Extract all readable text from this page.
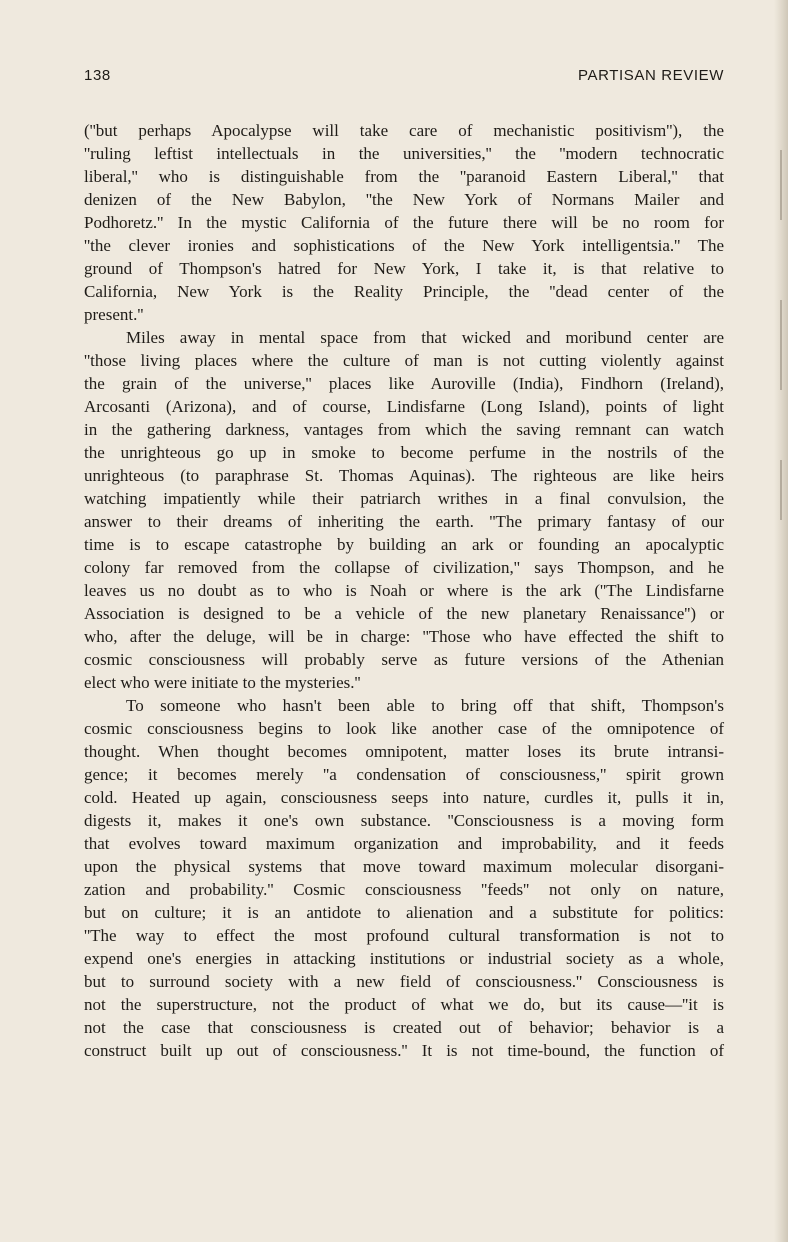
138	PARTISAN REVIEW
(''but perhaps Apocalypse will take care of mechanistic positivism''), the
''ruling leftist intellectuals in the universities,'' the ''modern technocratic
liberal,'' who is distinguishable from the ''paranoid Eastern Liberal,'' that
denizen of the New Babylon, ''the New York of Normans Mailer and
Podhoretz.'' In the mystic California of the future there will be no room for
''the clever ironies and sophistications of the New York intelligentsia.'' The
ground of Thompson's hatred for New York, I take it, is that relative to
California, New York is the Reality Principle, the ''dead center of the
present.''
Miles away in mental space from that wicked and moribund center are
''those living places where the culture of man is not cutting violently against
the grain of the universe,'' places like Auroville (India), Findhorn (Ireland),
Arcosanti (Arizona), and of course, Lindisfarne (Long Island), points of light
in the gathering darkness, vantages from which the saving remnant can watch
the unrighteous go up in smoke to become perfume in the nostrils of the
unrighteous (to paraphrase St. Thomas Aquinas). The righteous are like heirs
watching impatiently while their patriarch writhes in a final convulsion, the
answer to their dreams of inheriting the earth. ''The primary fantasy of our
time is to escape catastrophe by building an ark or founding an apocalyptic
colony far removed from the collapse of civilization,'' says Thompson, and he
leaves us no doubt as to who is Noah or where is the ark (''The Lindisfarne
Association is designed to be a vehicle of the new planetary Renaissance'') or
who, after the deluge, will be in charge: ''Those who have effected the shift to
cosmic consciousness will probably serve as future versions of the Athenian
elect who were initiate to the mysteries.''
To someone who hasn't been able to bring off that shift, Thompson's
cosmic consciousness begins to look like another case of the omnipotence of
thought. When thought becomes omnipotent, matter loses its brute intransi-
gence; it becomes merely ''a condensation of consciousness,'' spirit grown
cold. Heated up again, consciousness seeps into nature, curdles it, pulls it in,
digests it, makes it one's own substance. ''Consciousness is a moving form
that evolves toward maximum organization and improbability, and it feeds
upon the physical systems that move toward maximum molecular disorgani-
zation and probability.'' Cosmic consciousness ''feeds'' not only on nature,
but on culture; it is an antidote to alienation and a substitute for politics:
''The way to effect the most profound cultural transformation is not to
expend one's energies in attacking institutions or industrial society as a whole,
but to surround society with a new field of consciousness.'' Consciousness is
not the superstructure, not the product of what we do, but its cause—''it is
not the case that consciousness is created out of behavior; behavior is a
construct built up out of consciousness.'' It is not time-bound, the function of
